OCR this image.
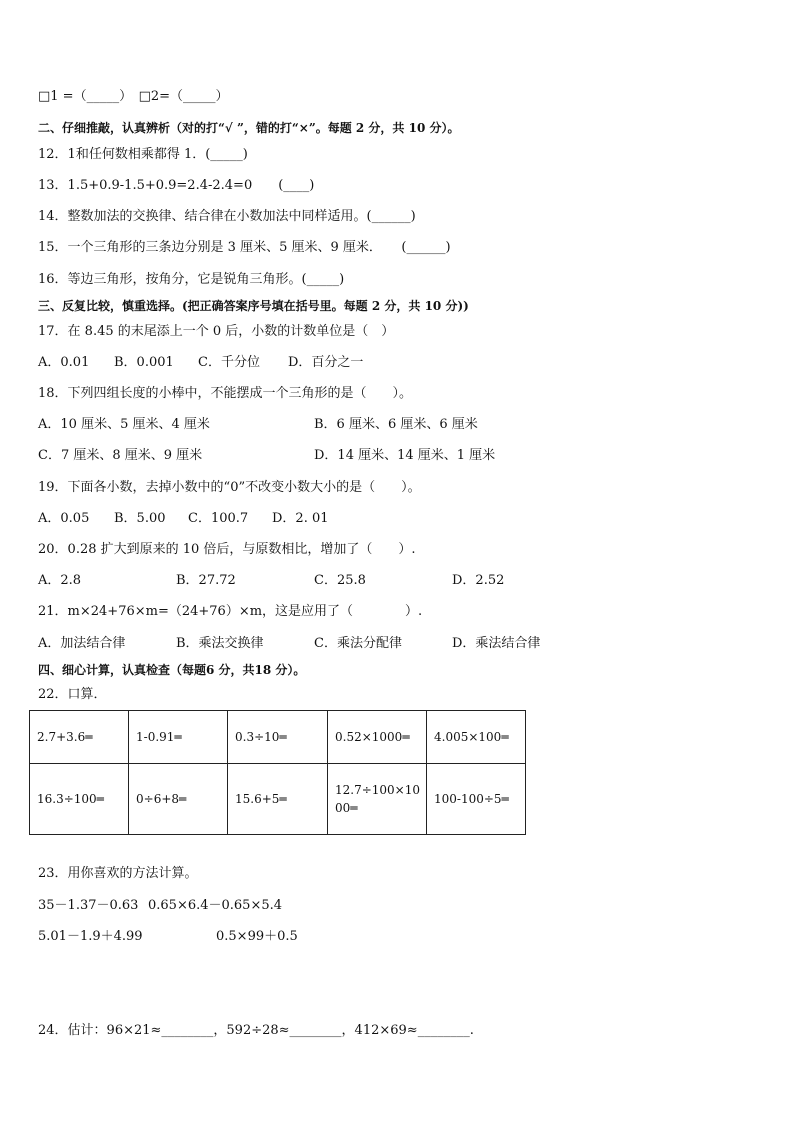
□1 =（_____）　□2=（_____）
二、仔细推敲，认真辨析（对的打“√ ”，错的打“×”。每题 2 分，共 10 分）。
12．1和任何数相乘都得 1．(_____)
13．1.5+0.9-1.5+0.9=2.4-2.4=0　　(____)
14．整数加法的交换律、结合律在小数加法中同样适用。(______)
15．一个三角形的三条边分别是 3 厘米、5 厘米、9 厘米．　　(______)
16．等边三角形，按角分，它是锐角三角形。(_____)
三、反复比较，慎重选择。(把正确答案序号填在括号里。每题 2 分，共 10 分))
17．在 8.45 的末尾添上一个 0 后，小数的计数单位是（　）
A．0.01 B．0.001 C．千分位 D．百分之一
18．下列四组长度的小棒中，不能摆成一个三角形的是（　　）。
A．10 厘米、5 厘米、4 厘米	B．6 厘米、6 厘米、6 厘米
C．7 厘米、8 厘米、9 厘米	D．14 厘米、14 厘米、1 厘米
19．下面各小数，去掉小数中的“0”不改变小数大小的是（　　）。
A．0.05 B．5.00 C．100.7 D．2. 01
20．0.28 扩大到原来的 10 倍后，与原数相比，增加了（　　）.
A．2.8	B．27.72	C．25.8	D．2.52
21．m×24+76×m=（24+76）×m，这是应用了（　　　　）.
A．加法结合律	B．乘法交换律	C．乘法分配律	D．乘法结合律
四、细心计算，认真检查（每题6 分，共18 分）。
22．口算．
2.7+3.6═	1-0.91═	0.3÷10═	0.52×1000═	4.005×100═
16.3÷100═	0÷6+8═	15.6+5═	12.7÷100×1000═	100-100÷5═
23．用你喜欢的方法计算。
35－1.37－0.63 0.65×6.4－0.65×5.4
5.01－1.9＋4.99	0.5×99＋0.5
24．估计：96×21≈________，592÷28≈________，412×69≈________.
